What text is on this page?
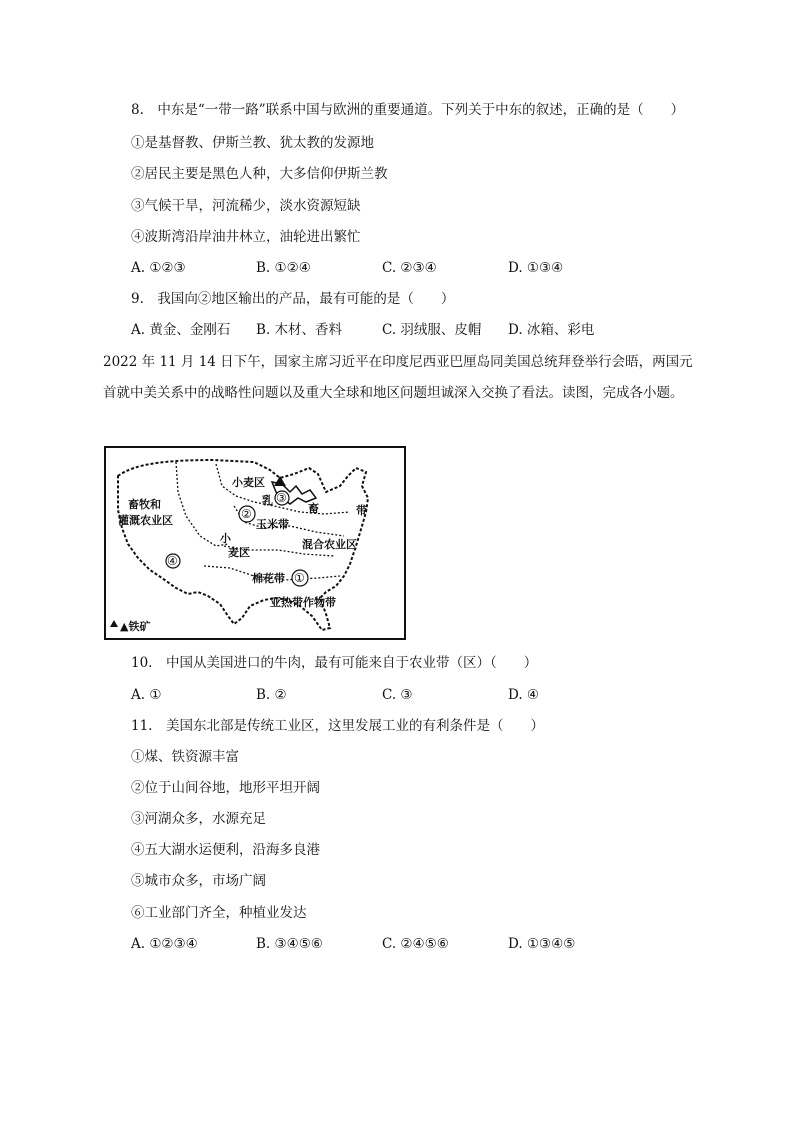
8.　中东是“一带一路”联系中国与欧洲的重要通道。下列关于中东的叙述，正确的是（　　）
①是基督教、伊斯兰教、犹太教的发源地
②居民主要是黑色人种，大多信仰伊斯兰教
③气候干旱，河流稀少，淡水资源短缺
④波斯湾沿岸油井林立，油轮进出繁忙
A. ①②③	B. ①②④	C. ②③④	D. ①③④
9.　我国向②地区输出的产品，最有可能的是（　　）
A. 黄金、金刚石 B. 木材、香料	C. 羽绒服、皮帽 D. 冰箱、彩电
2022 年 11 月 14 日下午，国家主席习近平在印度尼西亚巴厘岛同美国总统拜登举行会晤，两国元
首就中美关系中的战略性问题以及重大全球和地区问题坦诚深入交换了看法。读图，完成各小题。
畜牧和
灌溉农业区
小麦区
小
麦区
乳
畜	带
玉米带
混合农业区
棉花带
亚热带作物带
▲铁矿
②
③
④
①
10.　中国从美国进口的牛肉，最有可能来自于农业带（区）（　　）
A. ①	B. ②	C. ③	D. ④
11.　美国东北部是传统工业区，这里发展工业的有利条件是（　　）
①煤、铁资源丰富
②位于山间谷地，地形平坦开阔
③河湖众多，水源充足
④五大湖水运便利，沿海多良港
⑤城市众多，市场广阔
⑥工业部门齐全，种植业发达
A. ①②③④	B. ③④⑤⑥	C. ②④⑤⑥	D. ①③④⑤
